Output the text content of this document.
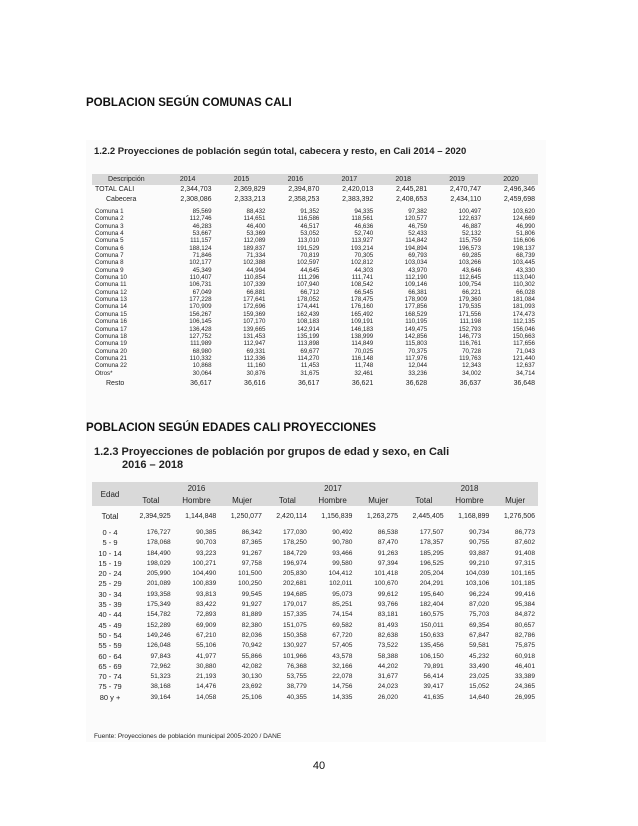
POBLACION SEGÚN COMUNAS CALI

1.2.2 Proyecciones de población según total, cabecera y resto, en Cali 2014 – 2020

Descripción	2014	2015	2016	2017	2018	2019	2020
TOTAL CALI	2,344,703	2,369,829	2,394,870	2,420,013	2,445,281	2,470,747	2,496,346
Cabecera	2,308,086	2,333,213	2,358,253	2,383,392	2,408,653	2,434,110	2,459,698

Comuna 1	85,569	88,432	91,352	94,335	97,382	100,497	103,620
Comuna 2	112,746	114,651	116,586	118,561	120,577	122,637	124,669
Comuna 3	46,283	46,400	46,517	46,636	46,759	46,887	46,990
Comuna 4	53,667	53,369	53,052	52,740	52,433	52,132	51,806
Comuna 5	111,157	112,089	113,010	113,927	114,842	115,759	116,606
Comuna 6	188,124	189,837	191,529	193,214	194,894	196,573	198,137
Comuna 7	71,846	71,334	70,819	70,305	69,793	69,285	68,739
Comuna 8	102,177	102,388	102,597	102,812	103,034	103,266	103,445
Comuna 9	45,349	44,994	44,645	44,303	43,970	43,646	43,330
Comuna 10	110,407	110,854	111,296	111,741	112,190	112,645	113,040
Comuna 11	106,731	107,339	107,940	108,542	109,146	109,754	110,302
Comuna 12	67,049	66,881	66,712	66,545	66,381	66,221	66,028
Comuna 13	177,228	177,641	178,052	178,475	178,909	179,360	181,084
Comuna 14	170,909	172,696	174,441	176,160	177,856	179,535	181,093
Comuna 15	156,267	159,369	162,439	165,492	168,529	171,556	174,473
Comuna 16	106,145	107,170	108,183	109,191	110,195	111,198	112,135
Comuna 17	136,428	139,665	142,914	146,183	149,475	152,793	156,046
Comuna 18	127,752	131,453	135,199	138,999	142,856	146,773	150,663
Comuna 19	111,989	112,947	113,898	114,849	115,803	116,761	117,656
Comuna 20	68,980	69,331	69,677	70,025	70,375	70,728	71,043
Comuna 21	110,332	112,336	114,270	116,148	117,976	119,763	121,440
Comuna 22	10,868	11,160	11,453	11,748	12,044	12,343	12,637
Otros*	30,064	30,876	31,675	32,461	33,236	34,002	34,714
Resto	36,617	36,616	36,617	36,621	36,628	36,637	36,648
POBLACION SEGÚN EDADES CALI PROYECCIONES
1.2.3 Proyecciones de población por grupos de edad y sexo, en Cali
2016 – 2018
Edad	2016			2017			2018		
	Total	Hombre	Mujer	Total	Hombre	Mujer	Total	Hombre	Mujer
Total	2,394,925	1,144,848	1,250,077	2,420,114	1,156,839	1,263,275	2,445,405	1,168,899	1,276,506
0 - 4	176,727	90,385	86,342	177,030	90,492	86,538	177,507	90,734	86,773
5 - 9	178,068	90,703	87,365	178,250	90,780	87,470	178,357	90,755	87,602
10 - 14	184,490	93,223	91,267	184,729	93,466	91,263	185,295	93,887	91,408
15 - 19	198,029	100,271	97,758	196,974	99,580	97,394	196,525	99,210	97,315
20 - 24	205,990	104,490	101,500	205,830	104,412	101,418	205,204	104,039	101,165
25 - 29	201,089	100,839	100,250	202,681	102,011	100,670	204,291	103,106	101,185
30 - 34	193,358	93,813	99,545	194,685	95,073	99,612	195,640	96,224	99,416
35 - 39	175,349	83,422	91,927	179,017	85,251	93,766	182,404	87,020	95,384
40 - 44	154,782	72,893	81,889	157,335	74,154	83,181	160,575	75,703	84,872
45 - 49	152,289	69,909	82,380	151,075	69,582	81,493	150,011	69,354	80,657
50 - 54	149,246	67,210	82,036	150,358	67,720	82,638	150,633	67,847	82,786
55 - 59	126,048	55,106	70,942	130,927	57,405	73,522	135,456	59,581	75,875
60 - 64	97,843	41,977	55,866	101,966	43,578	58,388	106,150	45,232	60,918
65 - 69	72,962	30,880	42,082	76,368	32,166	44,202	79,891	33,490	46,401
70 - 74	51,323	21,193	30,130	53,755	22,078	31,677	56,414	23,025	33,389
75 - 79	38,168	14,476	23,692	38,779	14,756	24,023	39,417	15,052	24,365
80 y +	39,164	14,058	25,106	40,355	14,335	26,020	41,635	14,640	26,995
Fuente: Proyecciones de población municipal 2005-2020 / DANE
40
